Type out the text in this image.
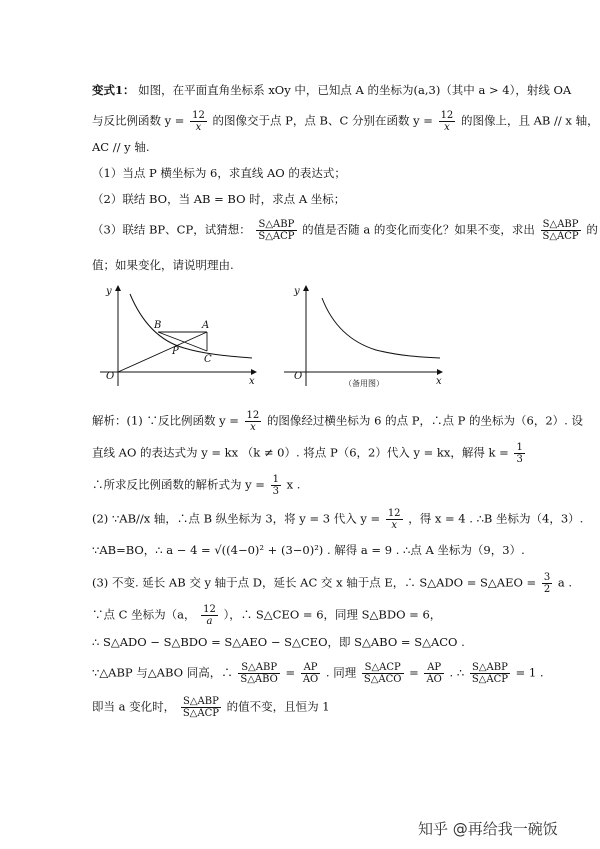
变式1： 如图，在平面直角坐标系 xOy 中，已知点 A 的坐标为(a,3)（其中 a > 4），射线 OA
与反比例函数 $y = \frac{12}{x}$ 的图像交于点 P，点 B、C 分别在函数 $y = \frac{12}{x}$ 的图像上，且 AB // x 轴，
AC // y 轴.
（1）当点 P 横坐标为 6，求直线 AO 的表达式；
（2）联结 BO，当 AB = BO 时，求点 A 坐标；
（3）联结 BP、CP，试猜想： $\frac{\text{S△ABP}}{\text{S△ACP}}$ 的值是否随 a 的变化而变化？如果不变，求出 $\frac{\text{S△ABP}}{\text{S△ACP}}$ 的
值；如果变化，请说明理由.
y
O	x
B	A
P
C
y
O	x
（备用图）
解析：(1) ∵反比例函数 $y = \frac{12}{x}$ 的图像经过横坐标为 6 的点 P，∴点 P 的坐标为（6，2）. 设
直线 AO 的表达式为 y = kx （k ≠ 0）. 将点 P（6，2）代入 y = kx，解得 $k = \frac{1}{3}$
∴所求反比例函数的解析式为 $y = \frac{1}{3}$ x .
(2) ∵AB//x 轴，∴点 B 纵坐标为 3，将 y = 3 代入 $y = \frac{12}{x}$ ，得 x = 4 . ∴B 坐标为（4，3）.
∵AB=BO，∴ a − 4 = √((4−0)² + (3−0)²) . 解得 a = 9 . ∴点 A 坐标为（9，3）.
(3) 不变. 延长 AB 交 y 轴于点 D，延长 AC 交 x 轴于点 E，∴ S△ADO = S△AEO = $\frac{3}{2}$ a .
∵点 C 坐标为（a， $\frac{12}{a}$ ），∴ S△CEO = 6，同理 S△BDO = 6，
∴ S△ADO − S△BDO = S△AEO − S△CEO，即 S△ABO = S△ACO .
∵△ABP 与△ABO 同高，∴ $\frac{\text{S△ABP}}{\text{S△ABO}} = \frac{AP}{AO}$ . 同理 $\frac{\text{S△ACP}}{\text{S△ACO}} = \frac{AP}{AO}$ . ∴ $\frac{\text{S△ABP}}{\text{S△ACP}} = 1$ .
即当 a 变化时， $\frac{\text{S△ABP}}{\text{S△ACP}}$ 的值不变，且恒为 1
知乎 @再给我一碗饭
